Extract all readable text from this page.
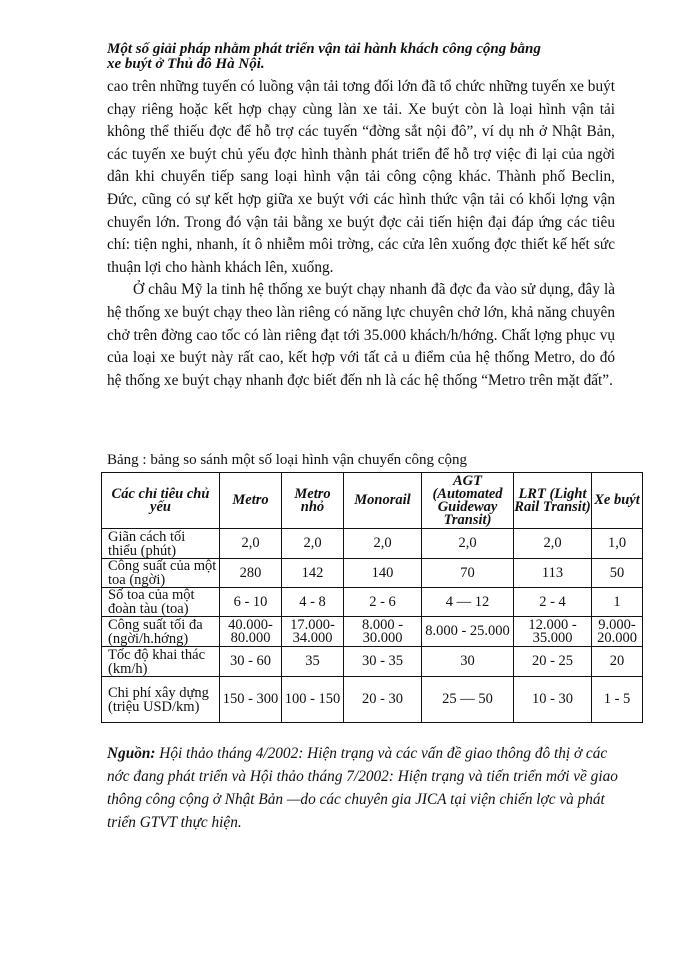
Một số giải pháp nhằm phát triển vận tải hành khách công cộng bằng
xe buýt ở Thủ đô Hà Nội.

cao trên những tuyến có luồng vận tải tơng đối lớn đã tổ chức những tuyến xe buýt chạy riêng hoặc kết hợp chạy cùng làn xe tải. Xe buýt còn là loại hình vận tải không thể thiếu đợc để hỗ trợ các tuyến “đờng sắt nội đô”, ví dụ nh ở Nhật Bản, các tuyến xe buýt chủ yếu đợc hình thành phát triển để hỗ trợ việc đi lại của ngời dân khi chuyển tiếp sang loại hình vận tải công cộng khác. Thành phố Beclin, Đức, cũng có sự kết hợp giữa xe buýt với các hình thức vận tải có khối lợng vận chuyển lớn. Trong đó vận tải bằng xe buýt đợc cải tiến hiện đại đáp ứng các tiêu chí: tiện nghi, nhanh, ít ô nhiễm môi trờng, các cửa lên xuống đợc thiết kế hết sức thuận lợi cho hành khách lên, xuống.

Ở châu Mỹ la tinh hệ thống xe buýt chạy nhanh đã đợc đa vào sử dụng, đây là hệ thống xe buýt chạy theo làn riêng có năng lực chuyên chở lớn, khả năng chuyên chở trên đờng cao tốc có làn riêng đạt tới 35.000 khách/h/hớng. Chất lợng phục vụ của loại xe buýt này rất cao, kết hợp với tất cả u điểm của hệ thống Metro, do đó hệ thống xe buýt chạy nhanh đợc biết đến nh là các hệ thống “Metro trên mặt đất”.

Bảng : bảng so sánh một số loại hình vận chuyển công cộng
Các chỉ tiêu chủ yếu	Metro	Metro nhỏ	Monorail	AGT (Automated Guideway Transit)	LRT (Light Rail Transit)	Xe buýt
Giãn cách tối thiểu (phút)	2,0	2,0	2,0	2,0	2,0	1,0
Công suất của một toa (ngời)	280	142	140	70	113	50
Số toa của một đoàn tàu (toa)	6 - 10	4 - 8	2 - 6	4 — 12	2 - 4	1
Công suất tối đa (ngời/h.hớng)	40.000-80.000	17.000-34.000	8.000 - 30.000	8.000 - 25.000	12.000 - 35.000	9.000-20.000
Tốc độ khai thác (km/h)	30 - 60	35	30 - 35	30	20 - 25	20
Chi phí xây dựng (triệu USD/km)	150 - 300	100 - 150	20 - 30	25 — 50	10 - 30	1 - 5
Nguồn: Hội thảo tháng 4/2002: Hiện trạng và các vấn đề giao thông đô thị ở các nớc đang phát triển và Hội thảo tháng 7/2002: Hiện trạng và tiến triển mới về giao thông công cộng ở Nhật Bản —do các chuyên gia JICA tại viện chiến lợc và phát triển GTVT thực hiện.
